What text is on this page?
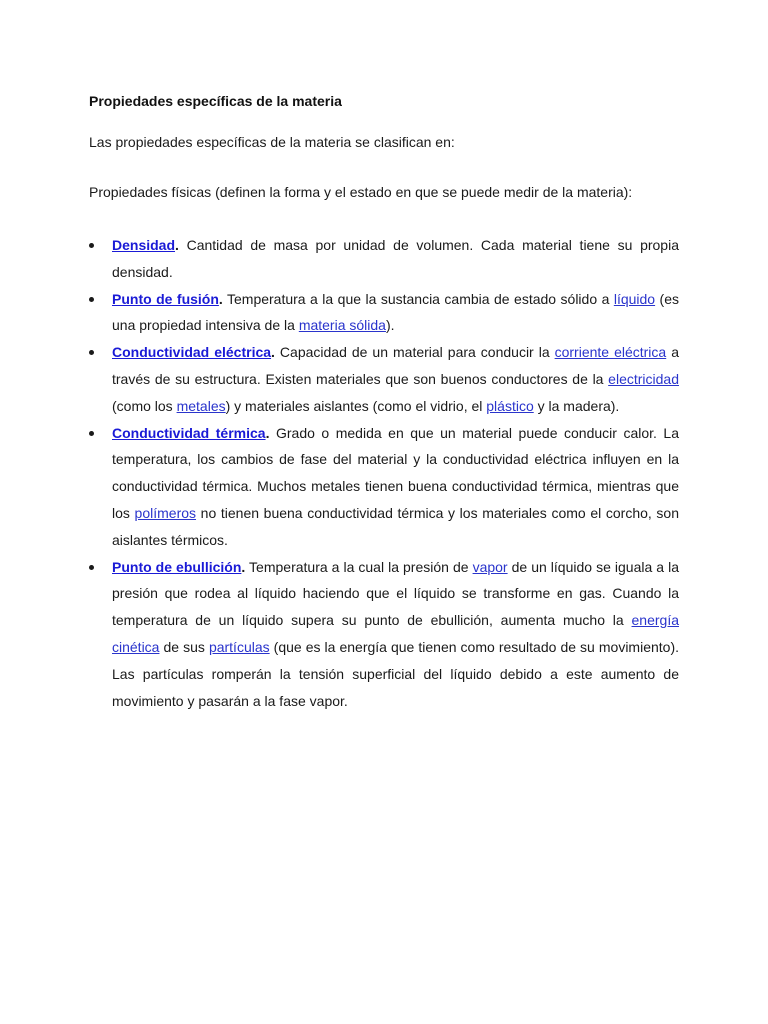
Propiedades específicas de la materia

Las propiedades específicas de la materia se clasifican en:

Propiedades físicas (definen la forma y el estado en que se puede medir de la materia):

Densidad. Cantidad de masa por unidad de volumen. Cada material tiene su propia densidad.
Punto de fusión. Temperatura a la que la sustancia cambia de estado sólido a líquido (es una propiedad intensiva de la materia sólida).
Conductividad eléctrica. Capacidad de un material para conducir la corriente eléctrica a través de su estructura. Existen materiales que son buenos conductores de la electricidad (como los metales) y materiales aislantes (como el vidrio, el plástico y la madera).
Conductividad térmica. Grado o medida en que un material puede conducir calor. La temperatura, los cambios de fase del material y la conductividad eléctrica influyen en la conductividad térmica. Muchos metales tienen buena conductividad térmica, mientras que los polímeros no tienen buena conductividad térmica y los materiales como el corcho, son aislantes térmicos.
Punto de ebullición. Temperatura a la cual la presión de vapor de un líquido se iguala a la presión que rodea al líquido haciendo que el líquido se transforme en gas. Cuando la temperatura de un líquido supera su punto de ebullición, aumenta mucho la energía cinética de sus partículas (que es la energía que tienen como resultado de su movimiento). Las partículas romperán la tensión superficial del líquido debido a este aumento de movimiento y pasarán a la fase vapor.
